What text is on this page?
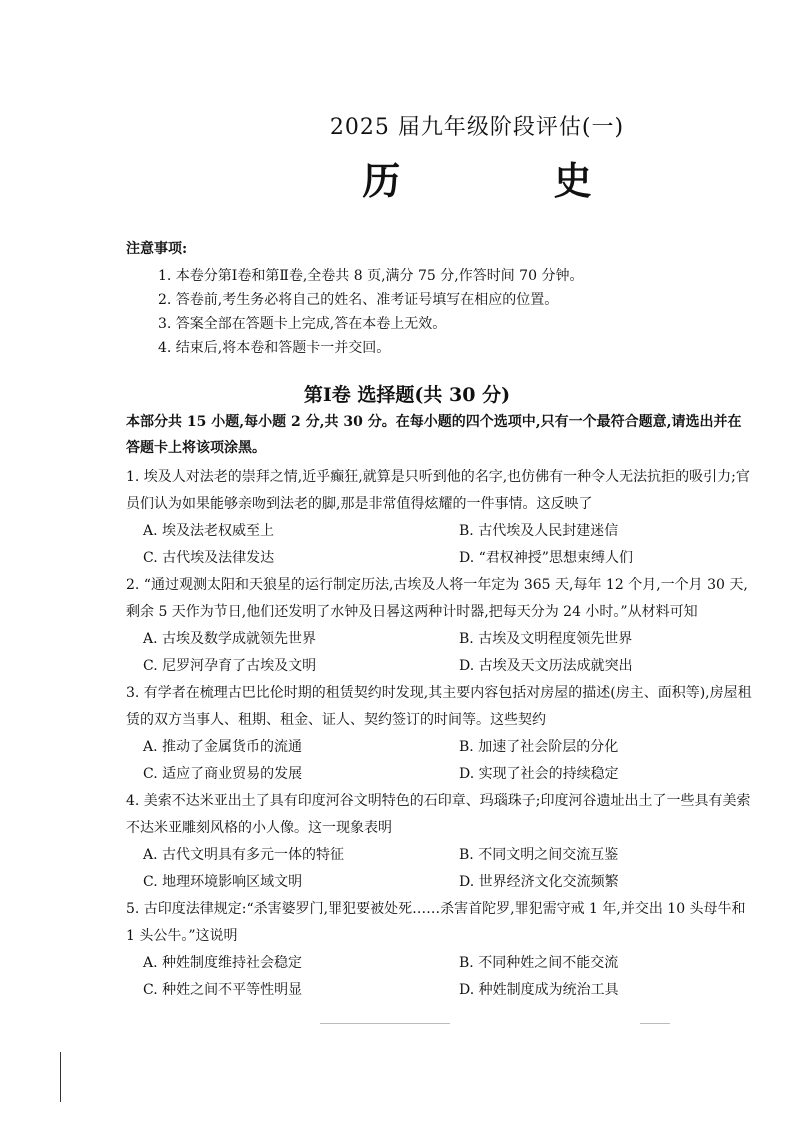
2025 届九年级阶段评估(一)
历 史
注意事项:
1. 本卷分第Ⅰ卷和第Ⅱ卷,全卷共 8 页,满分 75 分,作答时间 70 分钟。
2. 答卷前,考生务必将自己的姓名、准考证号填写在相应的位置。
3. 答案全部在答题卡上完成,答在本卷上无效。
4. 结束后,将本卷和答题卡一并交回。
第Ⅰ卷 选择题(共 30 分)
本部分共 15 小题,每小题 2 分,共 30 分。在每小题的四个选项中,只有一个最符合题意,请选出并在答题卡上将该项涂黑。
1. 埃及人对法老的崇拜之情,近乎癫狂,就算是只听到他的名字,也仿佛有一种令人无法抗拒的吸引力;官员们认为如果能够亲吻到法老的脚,那是非常值得炫耀的一件事情。这反映了
A. 埃及法老权威至上	B. 古代埃及人民封建迷信
C. 古代埃及法律发达	D. “君权神授”思想束缚人们
2. “通过观测太阳和天狼星的运行制定历法,古埃及人将一年定为 365 天,每年 12 个月,一个月 30 天,剩余 5 天作为节日,他们还发明了水钟及日晷这两种计时器,把每天分为 24 小时。”从材料可知
A. 古埃及数学成就领先世界	B. 古埃及文明程度领先世界
C. 尼罗河孕育了古埃及文明	D. 古埃及天文历法成就突出
3. 有学者在梳理古巴比伦时期的租赁契约时发现,其主要内容包括对房屋的描述(房主、面积等),房屋租赁的双方当事人、租期、租金、证人、契约签订的时间等。这些契约
A. 推动了金属货币的流通	B. 加速了社会阶层的分化
C. 适应了商业贸易的发展	D. 实现了社会的持续稳定
4. 美索不达米亚出土了具有印度河谷文明特色的石印章、玛瑙珠子;印度河谷遗址出土了一些具有美索不达米亚雕刻风格的小人像。这一现象表明
A. 古代文明具有多元一体的特征	B. 不同文明之间交流互鉴
C. 地理环境影响区域文明	D. 世界经济文化交流频繁
5. 古印度法律规定:“杀害婆罗门,罪犯要被处死……杀害首陀罗,罪犯需守戒 1 年,并交出 10 头母牛和 1 头公牛。”这说明
A. 种姓制度维持社会稳定	B. 不同种姓之间不能交流
C. 种姓之间不平等性明显	D. 种姓制度成为统治工具
